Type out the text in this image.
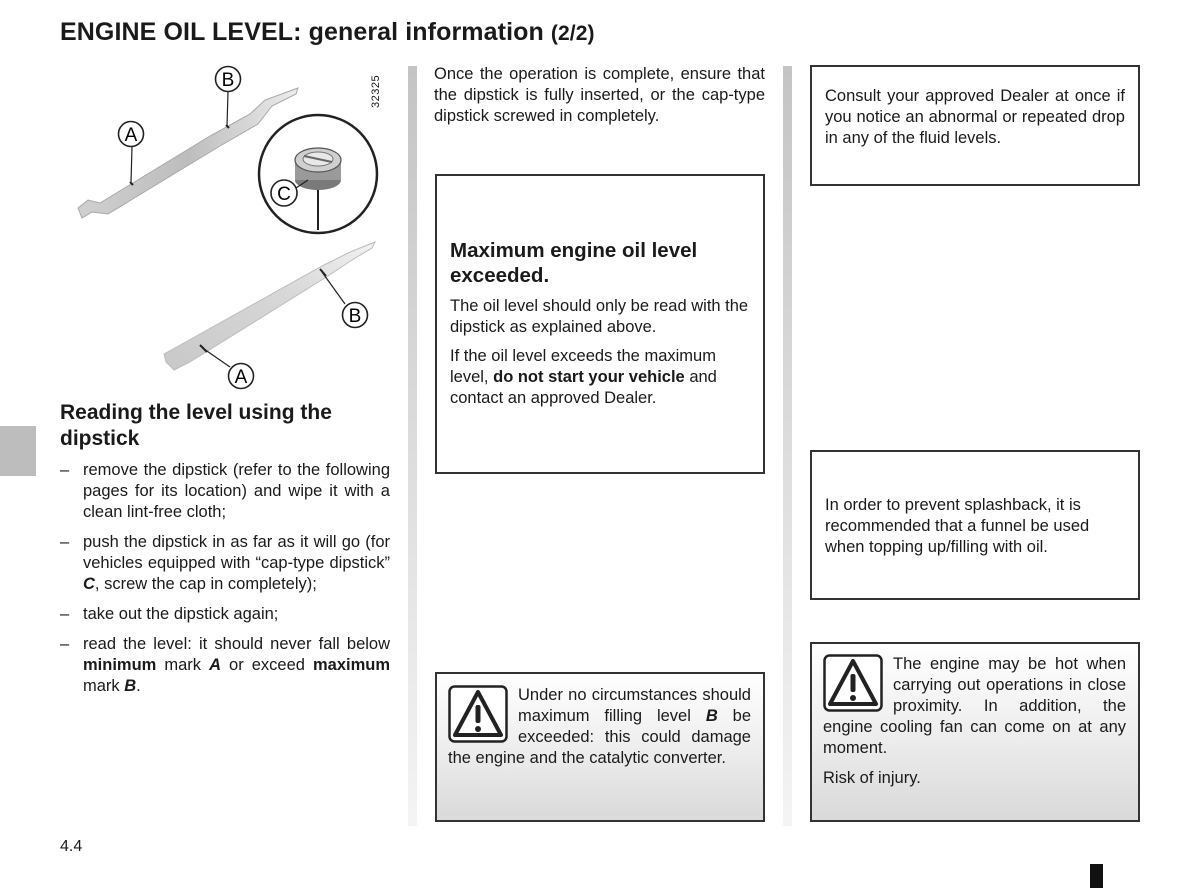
ENGINE OIL LEVEL: general information (2/2)
B
A
C
B
A
32325
Reading the level using the dipstick
– remove the dipstick (refer to the following pages for its location) and wipe it with a clean lint-free cloth;
– push the dipstick in as far as it will go (for vehicles equipped with “cap-type dipstick” C, screw the cap in completely);
– take out the dipstick again;
– read the level: it should never fall below minimum mark A or exceed maximum mark B.

Once the operation is complete, ensure that the dipstick is fully inserted, or the cap-type dipstick screwed in completely.

Maximum engine oil level exceeded.

The oil level should only be read with the dipstick as explained above.

If the oil level exceeds the maximum level, do not start your vehicle and contact an approved Dealer.

Under no circumstances should maximum filling level B be exceeded: this could damage the engine and the catalytic converter.

Consult your approved Dealer at once if you notice an abnormal or repeated drop in any of the fluid levels.

In order to prevent splashback, it is recommended that a funnel be used when topping up/filling with oil.

The engine may be hot when carrying out operations in close proximity. In addition, the engine cooling fan can come on at any moment.

Risk of injury.

4.4
